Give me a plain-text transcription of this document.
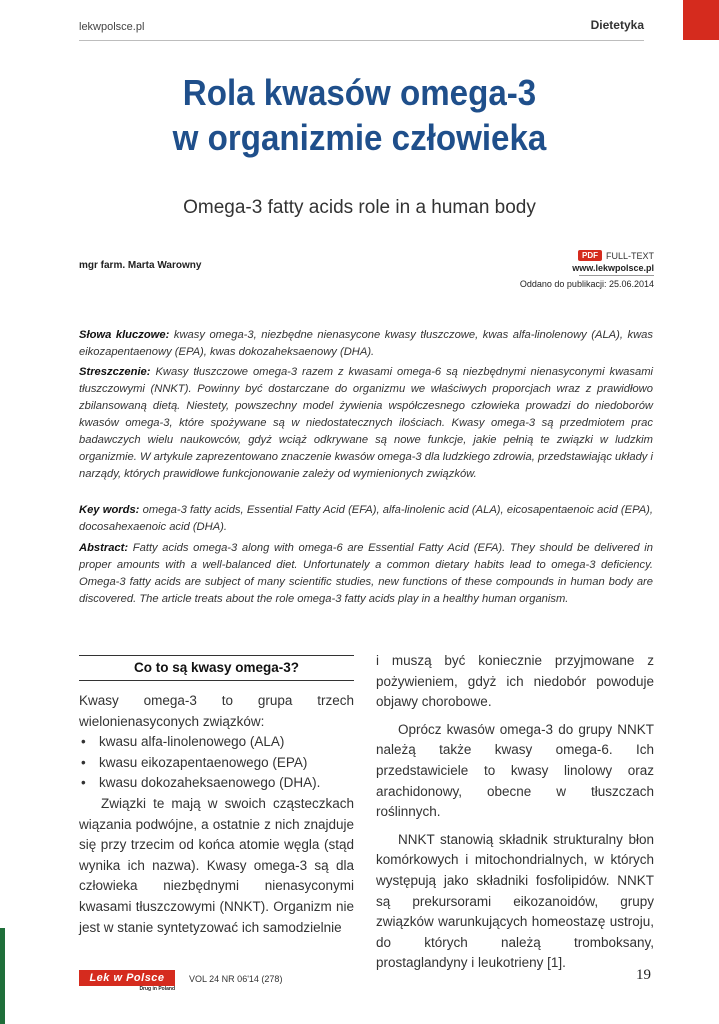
lekwpolsce.pl	Dietetyka
Rola kwasów omega-3
w organizmie człowieka
Omega-3 fatty acids role in a human body
mgr farm. Marta Warowny
PDF FULL-TEXT
www.lekwpolsce.pl
Oddano do publikacji: 25.06.2014

Słowa kluczowe: kwasy omega-3, niezbędne nienasycone kwasy tłuszczowe, kwas alfa-linolenowy (ALA), kwas eikozapentaenowy (EPA), kwas dokozaheksaenowy (DHA).

Streszczenie: Kwasy tłuszczowe omega-3 razem z kwasami omega-6 są niezbędnymi nienasyconymi kwasami tłuszczowymi (NNKT). Powinny być dostarczane do organizmu we właściwych proporcjach wraz z prawidłowo zbilansowaną dietą. Niestety, powszechny model żywienia współczesnego człowieka prowadzi do niedoborów kwasów omega-3, które spożywane są w niedostatecznych ilościach. Kwasy omega-3 są przedmiotem prac badawczych wielu naukowców, gdyż wciąż odkrywane są nowe funkcje, jakie pełnią te związki w ludzkim organizmie. W artykule zaprezentowano znaczenie kwasów omega-3 dla ludzkiego zdrowia, przedstawiając układy i narządy, których prawidłowe funkcjonowanie zależy od wymienionych związków.

Key words: omega-3 fatty acids, Essential Fatty Acid (EFA), alfa-linolenic acid (ALA), eicosapentaenoic acid (EPA), docosahexaenoic acid (DHA).

Abstract: Fatty acids omega-3 along with omega-6 are Essential Fatty Acid (EFA). They should be delivered in proper amounts with a well-balanced diet. Unfortunately a common dietary habits lead to omega-3 deficiency. Omega-3 fatty acids are subject of many scientific studies, new functions of these compounds in human body are discovered. The article treats about the role omega-3 fatty acids play in a healthy human organism.

Co to są kwasy omega-3?

Kwasy omega-3 to grupa trzech wielonienasyconych związków:

• kwasu alfa-linolenowego (ALA)
• kwasu eikozapentaenowego (EPA)
• kwasu dokozaheksaenowego (DHA).

Związki te mają w swoich cząsteczkach wiązania podwójne, a ostatnie z nich znajduje się przy trzecim od końca atomie węgla (stąd wynika ich nazwa). Kwasy omega-3 są dla człowieka niezbędnymi nienasyconymi kwasami tłuszczowymi (NNKT). Organizm nie jest w stanie syntetyzować ich samodzielnie

i muszą być koniecznie przyjmowane z pożywieniem, gdyż ich niedobór powoduje objawy chorobowe.

Oprócz kwasów omega-3 do grupy NNKT należą także kwasy omega-6. Ich przedstawiciele to kwasy linolowy oraz arachidonowy, obecne w tłuszczach roślinnych.

NNKT stanowią składnik strukturalny błon komórkowych i mitochondrialnych, w których występują jako składniki fosfolipidów. NNKT są prekursorami eikozanoidów, grupy związków warunkujących homeostazę ustroju, do których należą tromboksany, prostaglandyny i leukotrieny [1].

Lek w Polsce
Drug in Poland
VOL 24 NR 06'14 (278)	19
